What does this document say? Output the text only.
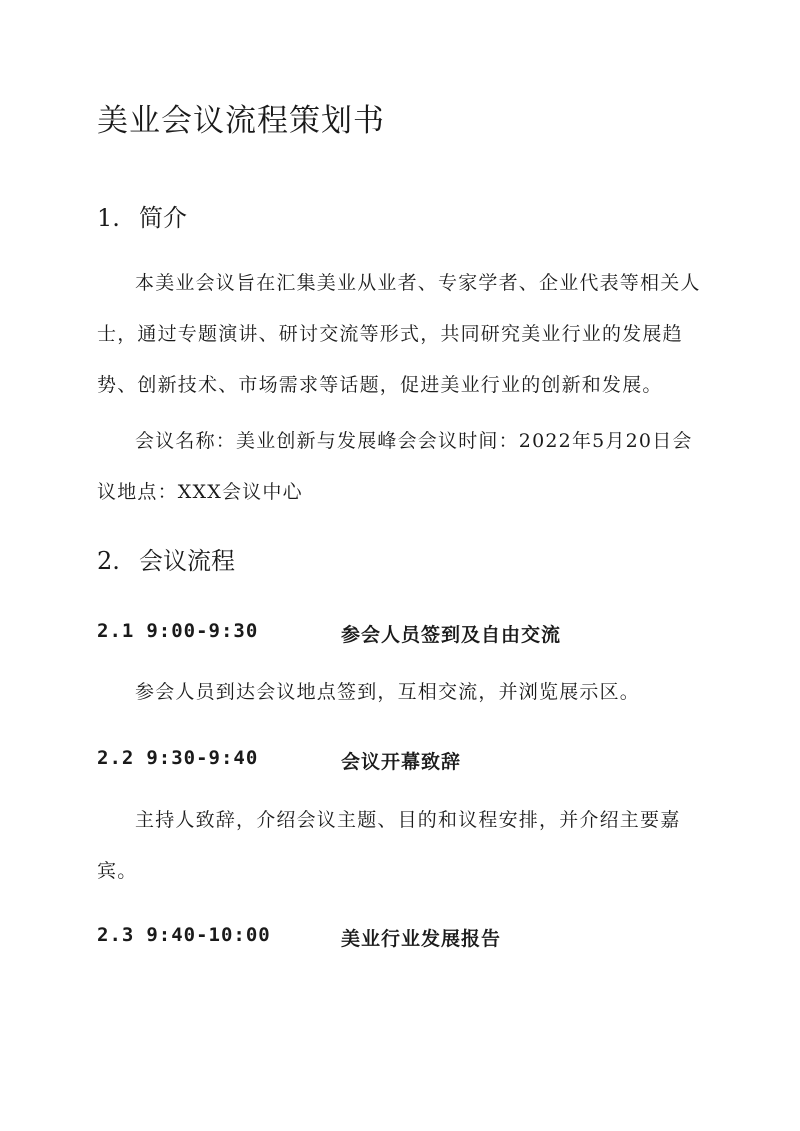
美业会议流程策划书
1. 简介

本美业会议旨在汇集美业从业者、专家学者、企业代表等相关人士，通过专题演讲、研讨交流等形式，共同研究美业行业的发展趋势、创新技术、市场需求等话题，促进美业行业的创新和发展。

会议名称：美业创新与发展峰会会议时间：2022年5月20日会议地点：XXX会议中心

2. 会议流程
2.1 9:00-9:30	参会人员签到及自由交流

参会人员到达会议地点签到，互相交流，并浏览展示区。

2.2 9:30-9:40	会议开幕致辞

主持人致辞，介绍会议主题、目的和议程安排，并介绍主要嘉宾。

2.3 9:40-10:00	美业行业发展报告
